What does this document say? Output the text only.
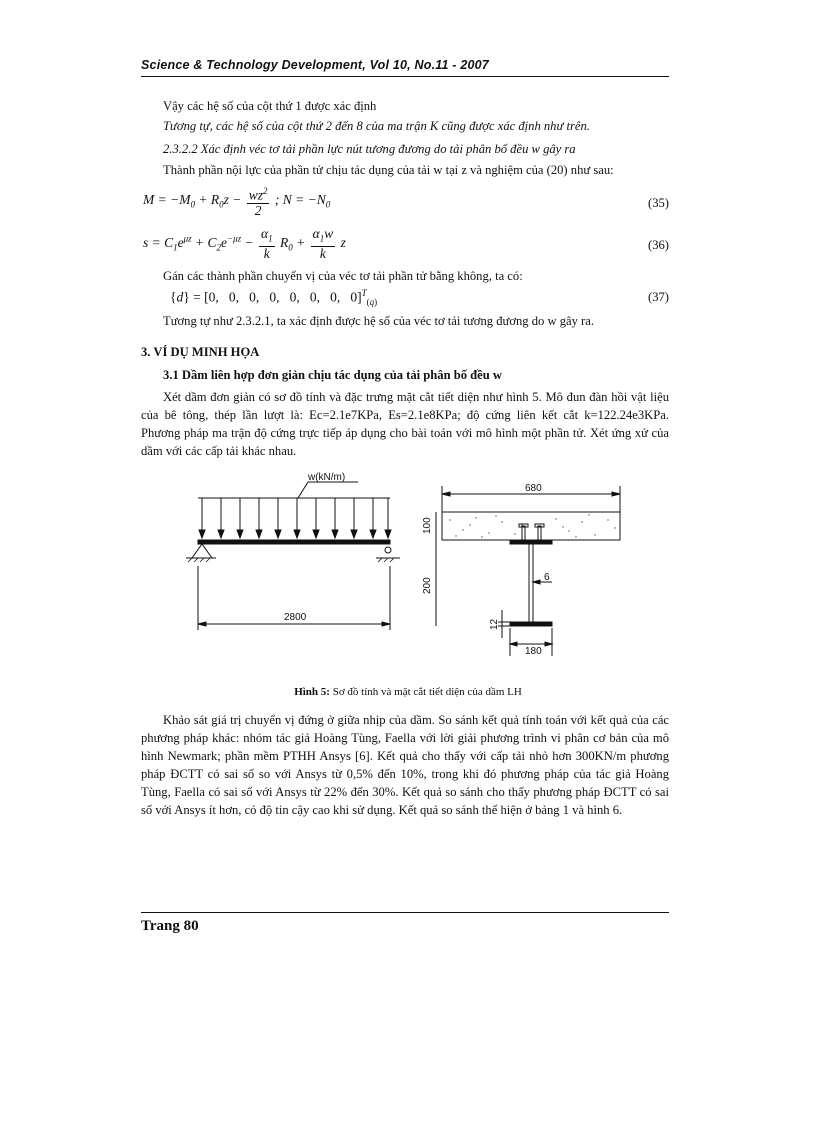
Science & Technology Development, Vol 10, No.11 - 2007
Vậy các hệ số của cột thứ 1 được xác định
Tương tự, các hệ số của cột thứ 2 đến 8 của ma trận K cũng được xác định như trên.
2.3.2.2 Xác định véc tơ tải phần lực nút tương đương do tải phân bố đều w gây ra
Thành phần nội lực của phần tử chịu tác dụng của tải w tại z và nghiệm của (20) như sau:
$M = -M_0 + R_0z - \frac{wz^2}{2}$ ; $N = -N_0$	(35)
$s = C_1e^{\mu z} + C_2e^{-\mu z} - \frac{\alpha_1}{k} R_0 + \frac{\alpha_1w}{k}$ z	(36)
Gán các thành phần chuyển vị của véc tơ tải phần tử bằng không, ta có:
{d} = [0,   0,   0,   0,   0,   0,   0,   0]$^T_{(q)}$	(37)
Tương tự như 2.3.2.1, ta xác định được hệ số của véc tơ tải tương đương do w gây ra.
3. VÍ DỤ MINH HỌA
3.1 Dầm liên hợp đơn giản chịu tác dụng của tải phân bố đều w
Xét dầm đơn giản có sơ đồ tính và đặc trưng mặt cắt tiết diện như hình 5. Mô đun đàn hồi vật liệu của bê tông, thép lần lượt là: Ec=2.1e7KPa, Es=2.1e8KPa; độ cứng liên kết cắt k=122.24e3KPa. Phương pháp ma trận độ cứng trực tiếp áp dụng cho bài toán với mô hình một phần tử. Xét ứng xử của dầm với các cấp tải khác nhau.
w(kN/m)
2800
680
100
200	6
12
180
Hình 5: Sơ đồ tính và mặt cắt tiết diện của dầm LH
Khảo sát giá trị chuyển vị đứng ở giữa nhịp của dầm. So sánh kết quả tính toán với kết quả của các phương pháp khác: nhóm tác giả Hoàng Tùng, Faella với lời giải phương trình vi phân cơ bản của mô hình Newmark; phần mềm PTHH Ansys [6]. Kết quả cho thấy với cấp tải nhỏ hơn 300KN/m phương pháp ĐCTT có sai số so với Ansys từ 0,5% đến 10%, trong khi đó phương pháp của tác giả Hoàng Tùng, Faella có sai số với Ansys từ 22% đến 30%. Kết quả so sánh cho thấy phương pháp ĐCTT có sai số với Ansys ít hơn, có độ tin cậy cao khi sử dụng. Kết quả so sánh thể hiện ở bảng 1 và hình 6.
Trang 80
